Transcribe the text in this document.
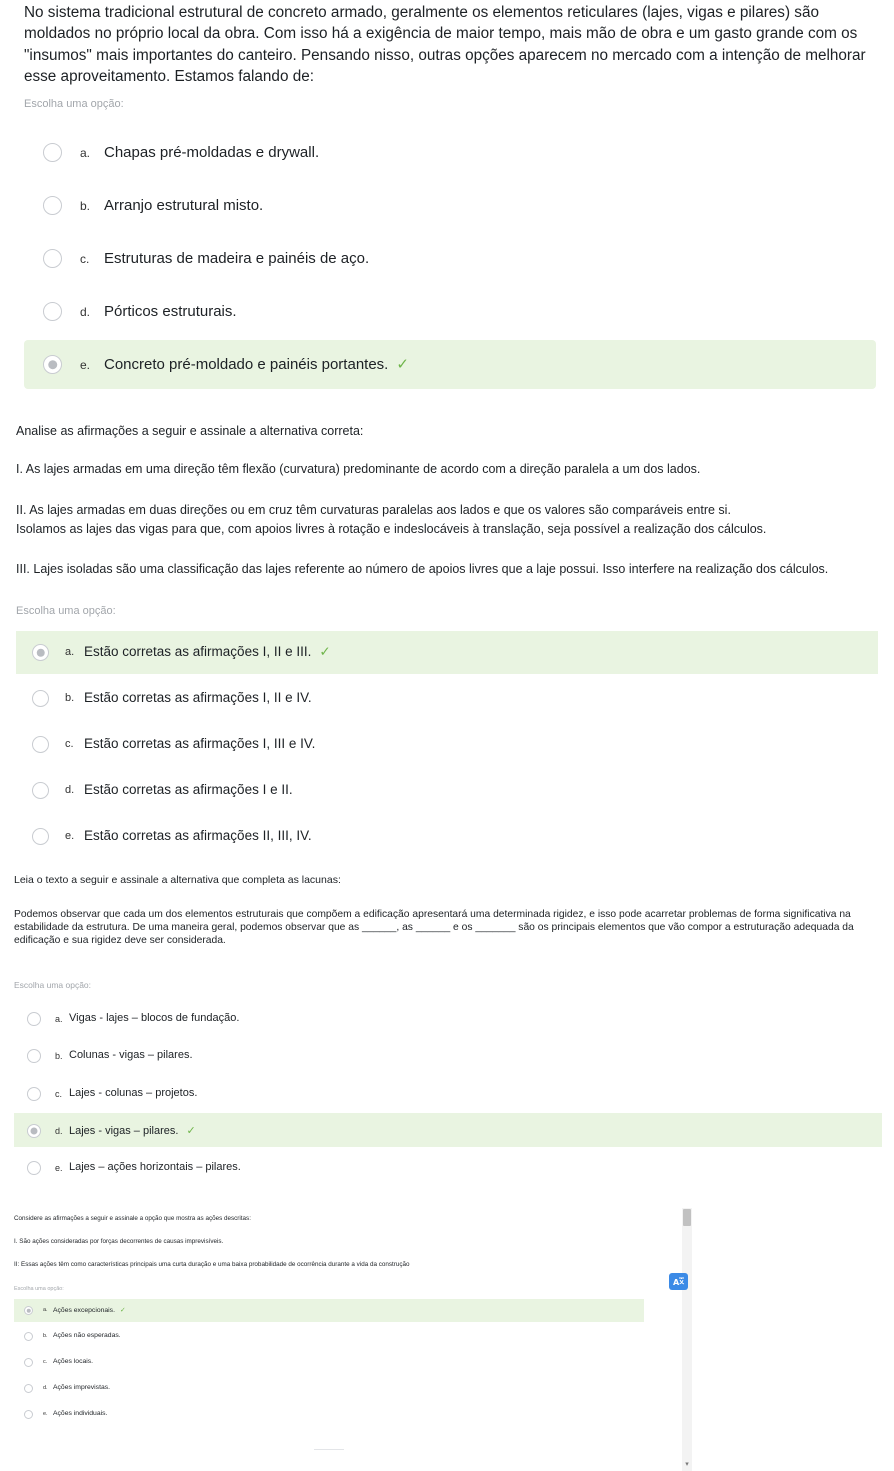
No sistema tradicional estrutural de concreto armado, geralmente os elementos reticulares (lajes, vigas e pilares) são moldados no próprio local da obra. Com isso há a exigência de maior tempo, mais mão de obra e um gasto grande com os "insumos" mais importantes do canteiro. Pensando nisso, outras opções aparecem no mercado com a intenção de melhorar esse aproveitamento. Estamos falando de:

Escolha uma opção:
a. Chapas pré-moldadas e drywall.
b. Arranjo estrutural misto.
c. Estruturas de madeira e painéis de aço.
d. Pórticos estruturais.
e. Concreto pré-moldado e painéis portantes. ✓
Analise as afirmações a seguir e assinale a alternativa correta:
I. As lajes armadas em uma direção têm flexão (curvatura) predominante de acordo com a direção paralela a um dos lados.
II. As lajes armadas em duas direções ou em cruz têm curvaturas paralelas aos lados e que os valores são comparáveis entre si.
Isolamos as lajes das vigas para que, com apoios livres à rotação e indeslocáveis à translação, seja possível a realização dos cálculos.
III. Lajes isoladas são uma classificação das lajes referente ao número de apoios livres que a laje possui. Isso interfere na realização dos cálculos.
Escolha uma opção:
a. Estão corretas as afirmações I, II e III. ✓
b. Estão corretas as afirmações I, II e IV.
c. Estão corretas as afirmações I, III e IV.
d. Estão corretas as afirmações I e II.
e. Estão corretas as afirmações II, III, IV.
Leia o texto a seguir e assinale a alternativa que completa as lacunas:

Podemos observar que cada um dos elementos estruturais que compõem a edificação apresentará uma determinada rigidez, e isso pode acarretar problemas de forma significativa na estabilidade da estrutura. De uma maneira geral, podemos observar que as ______, as ______ e os _______ são os principais elementos que vão compor a estruturação adequada da edificação e sua rigidez deve ser considerada.

Escolha uma opção:
a. Vigas - lajes – blocos de fundação.
b. Colunas - vigas – pilares.
c. Lajes - colunas – projetos.
d. Lajes - vigas – pilares. ✓
e. Lajes – ações horizontais – pilares.
Considere as afirmações a seguir e assinale a opção que mostra as ações descritas:
I. São ações consideradas por forças decorrentes de causas imprevisíveis.
II: Essas ações têm como características principais uma curta duração e uma baixa probabilidade de ocorrência durante a vida da construção
Escolha uma opção:
a. Ações excepcionais. ✓
b. Ações não esperadas.
c. Ações locais.
d. Ações imprevistas.
e. Ações individuais.
▾
A
